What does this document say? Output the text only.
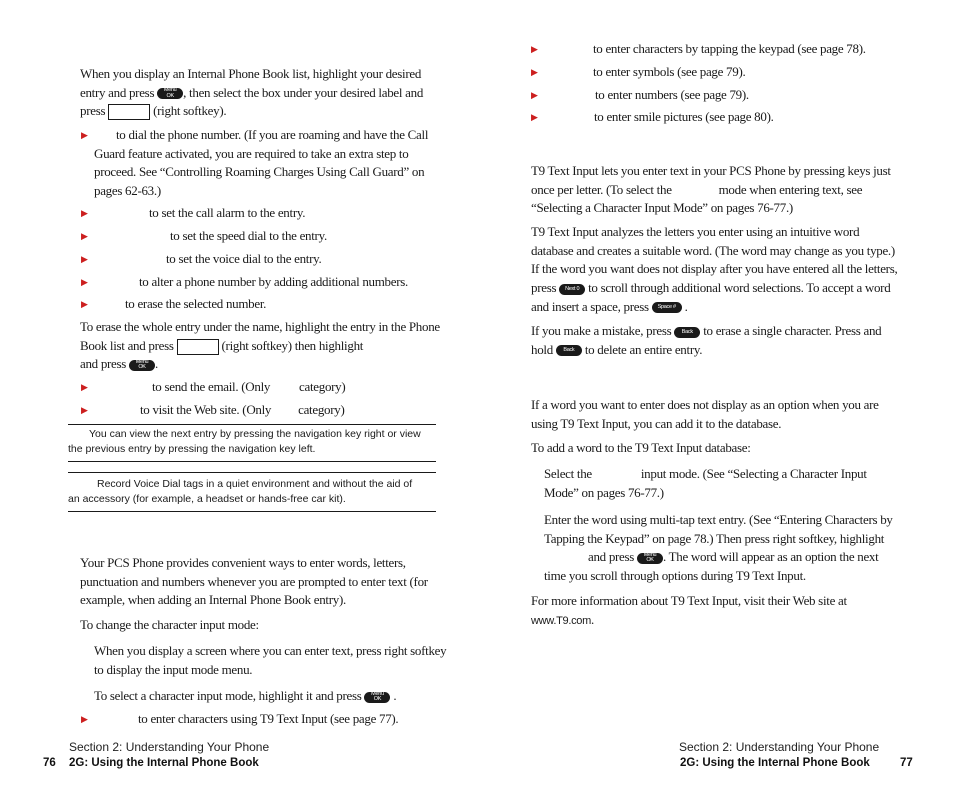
When you display an Internal Phone Book list, highlight your desired
entry and press Menu
OK , then select the box under your desired label and
press	(right softkey).

▶ to dial the phone number. (If you are roaming and have the Call

Guard feature activated, you are required to take an extra step to
proceed. See “Controlling Roaming Charges Using Call Guard” on
pages 62-63.)

▶	to set the call alarm to the entry.

▶	to set the speed dial to the entry.

▶	to set the voice dial to the entry.

▶	to alter a phone number by adding additional numbers.

▶	to erase the selected number.

To erase the whole entry under the name, highlight the entry in the Phone
Book list and press	(right softkey) then highlight
and press Menu
OK .

▶	to send the email. (Only category)

▶	to visit the Web site. (Only category)

You can view the next entry by pressing the navigation key right or view
the previous entry by pressing the navigation key left.

Record Voice Dial tags in a quiet environment and without the aid of
an accessory (for example, a headset or hands-free car kit).

Your PCS Phone provides convenient ways to enter words, letters,
punctuation and numbers whenever you are prompted to enter text (for
example, when adding an Internal Phone Book entry).

To change the character input mode:

When you display a screen where you can enter text, press right softkey
to display the input mode menu.

To select a character input mode, highlight it and press Menu
OK .

▶	to enter characters using T9 Text Input (see page 77).

Section 2: Understanding Your Phone
76 2G: Using the Internal Phone Book

▶	to enter characters by tapping the keypad (see page 78).

▶	to enter symbols (see page 79).

▶	to enter numbers (see page 79).

▶	to enter smile pictures (see page 80).

T9 Text Input lets you enter text in your PCS Phone by pressing keys just
once per letter. (To select the	mode when entering text, see
“Selecting a Character Input Mode” on pages 76-77.)

T9 Text Input analyzes the letters you enter using an intuitive word
database and creates a suitable word. (The word may change as you type.)
If the word you want does not display after you have entered all the letters,
press Next 0 to scroll through additional word selections. To accept a word
and insert a space, press Space # .

If you make a mistake, press Back to erase a single character. Press and
hold Back to delete an entire entry.

If a word you want to enter does not display as an option when you are
using T9 Text Input, you can add it to the database.

To add a word to the T9 Text Input database:

Select the	input mode. (See “Selecting a Character Input
Mode” on pages 76-77.)

Enter the word using multi-tap text entry. (See “Entering Characters by
Tapping the Keypad” on page 78.) Then press right softkey, highlight
and press Menu
OK . The word will appear as an option the next
time you scroll through options during T9 Text Input.

For more information about T9 Text Input, visit their Web site at
www.T9.com.

Section 2: Understanding Your Phone
2G: Using the Internal Phone Book	77
